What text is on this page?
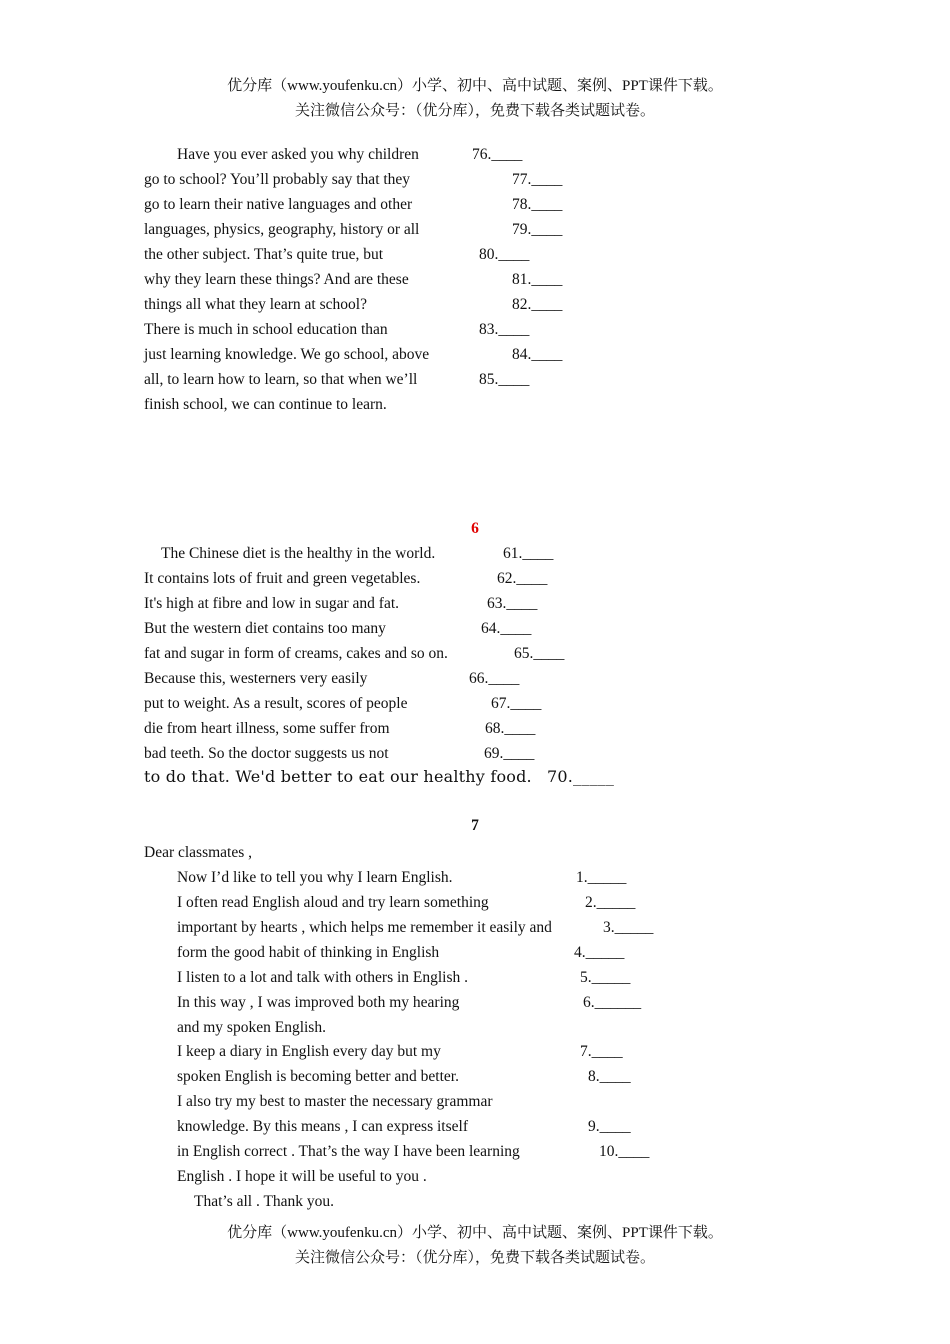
优分库（www.youfenku.cn）小学、初中、高中试题、案例、PPT课件下载。
关注微信公众号：（优分库），免费下载各类试题试卷。
Have you ever asked you why children	76.____
go to school? You’ll probably say that they	77.____
go to learn their native languages and other	78.____
languages, physics, geography, history or all	79.____
the other subject. That’s quite true, but	80.____
why they learn these things? And are these	81.____
things all what they learn at school?	82.____
There is much in school education than	83.____
just learning knowledge. We go school, above	84.____
all, to learn how to learn, so that when we’ll	85.____
finish school, we can continue to learn.
6
The Chinese diet is the healthy in the world.	61.____
It contains lots of fruit and green vegetables.	62.____
It's high at fibre and low in sugar and fat.	63.____
But the western diet contains too many	64.____
fat and sugar in form of creams, cakes and so on.	65.____
Because this, westerners very easily	66.____
put to weight. As a result, scores of people	67.____
die from heart illness, some suffer from	68.____
bad teeth. So the doctor suggests us not	69.____
to do that. We'd better to eat our healthy food. 70._____
7
Dear classmates ,
Now I’d like to tell you why I learn English.	1._____
I often read English aloud and try learn something	2._____
important by hearts , which helps me remember it easily and	3._____
form the good habit of thinking in English	4._____
I listen to a lot and talk with others in English .	5._____
In this way , I was improved both my hearing	6.______
and my spoken English.
I keep a diary in English every day but my	7.____
spoken English is becoming better and better.	8.____
I also try my best to master the necessary grammar
knowledge. By this means , I can express itself	9.____
in English correct . That’s the way I have been learning	10.____
English . I hope it will be useful to you .
That’s all . Thank you.
优分库（www.youfenku.cn）小学、初中、高中试题、案例、PPT课件下载。
关注微信公众号：（优分库），免费下载各类试题试卷。
